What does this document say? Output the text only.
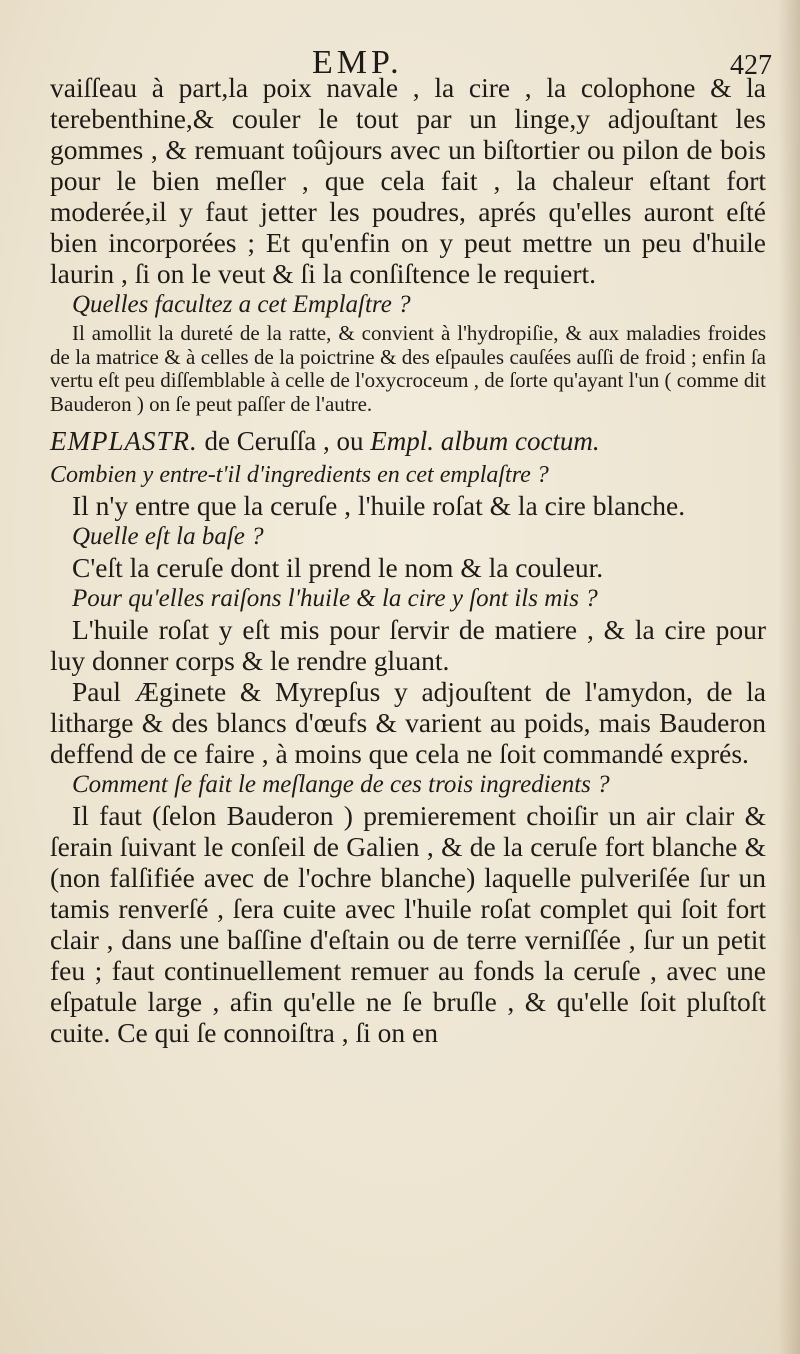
EMP.	427

vaiſſeau à part,la poix navale , la cire , la colophone & la terebenthine,& couler le tout par un linge,y adjouſtant les gommes , & remuant toûjours avec un biſtortier ou pilon de bois pour le bien meſler , que cela fait , la chaleur eſtant fort moderée,il y faut jetter les poudres, aprés qu'elles auront eſté bien incorporées ; Et qu'enfin on y peut mettre un peu d'huile laurin , ſi on le veut & ſi la conſiſtence le requiert.

Quelles facultez a cet Emplaſtre ?

Il amollit la dureté de la ratte, & convient à l'hydropiſie, & aux maladies froides de la matrice & à celles de la poictrine & des eſpaules cauſées auſſi de froid ; enfin ſa vertu eſt peu diſſemblable à celle de l'oxycroceum , de ſorte qu'ayant l'un ( comme dit Bauderon ) on ſe peut paſſer de l'autre.

EMPLASTR. de Ceruſſa , ou Empl. album coctum.

Combien y entre-t'il d'ingredients en cet emplaſtre ?

Il n'y entre que la ceruſe , l'huile roſat & la cire blanche.

Quelle eſt la baſe ?

C'eſt la ceruſe dont il prend le nom & la couleur.

Pour qu'elles raiſons l'huile & la cire y ſont ils mis ?

L'huile roſat y eſt mis pour ſervir de matiere , & la cire pour luy donner corps & le rendre gluant.

Paul Æginete & Myrepſus y adjouſtent de l'amydon, de la litharge & des blancs d'œufs & varient au poids, mais Bauderon deffend de ce faire , à moins que cela ne ſoit commandé exprés.

Comment ſe fait le meſlange de ces trois ingredients ?

Il faut (ſelon Bauderon ) premierement choiſir un air clair & ſerain ſuivant le conſeil de Galien , & de la ceruſe fort blanche & (non falſifiée avec de l'ochre blanche) laquelle pulveriſée ſur un tamis renverſé , ſera cuite avec l'huile roſat complet qui ſoit fort clair , dans une baſſine d'eſtain ou de terre verniſſée , ſur un petit feu ; faut continuellement remuer au fonds la ceruſe , avec une eſpatule large , afin qu'elle ne ſe bruſle , & qu'elle ſoit pluſtoſt cuite. Ce qui ſe connoiſtra , ſi on en
